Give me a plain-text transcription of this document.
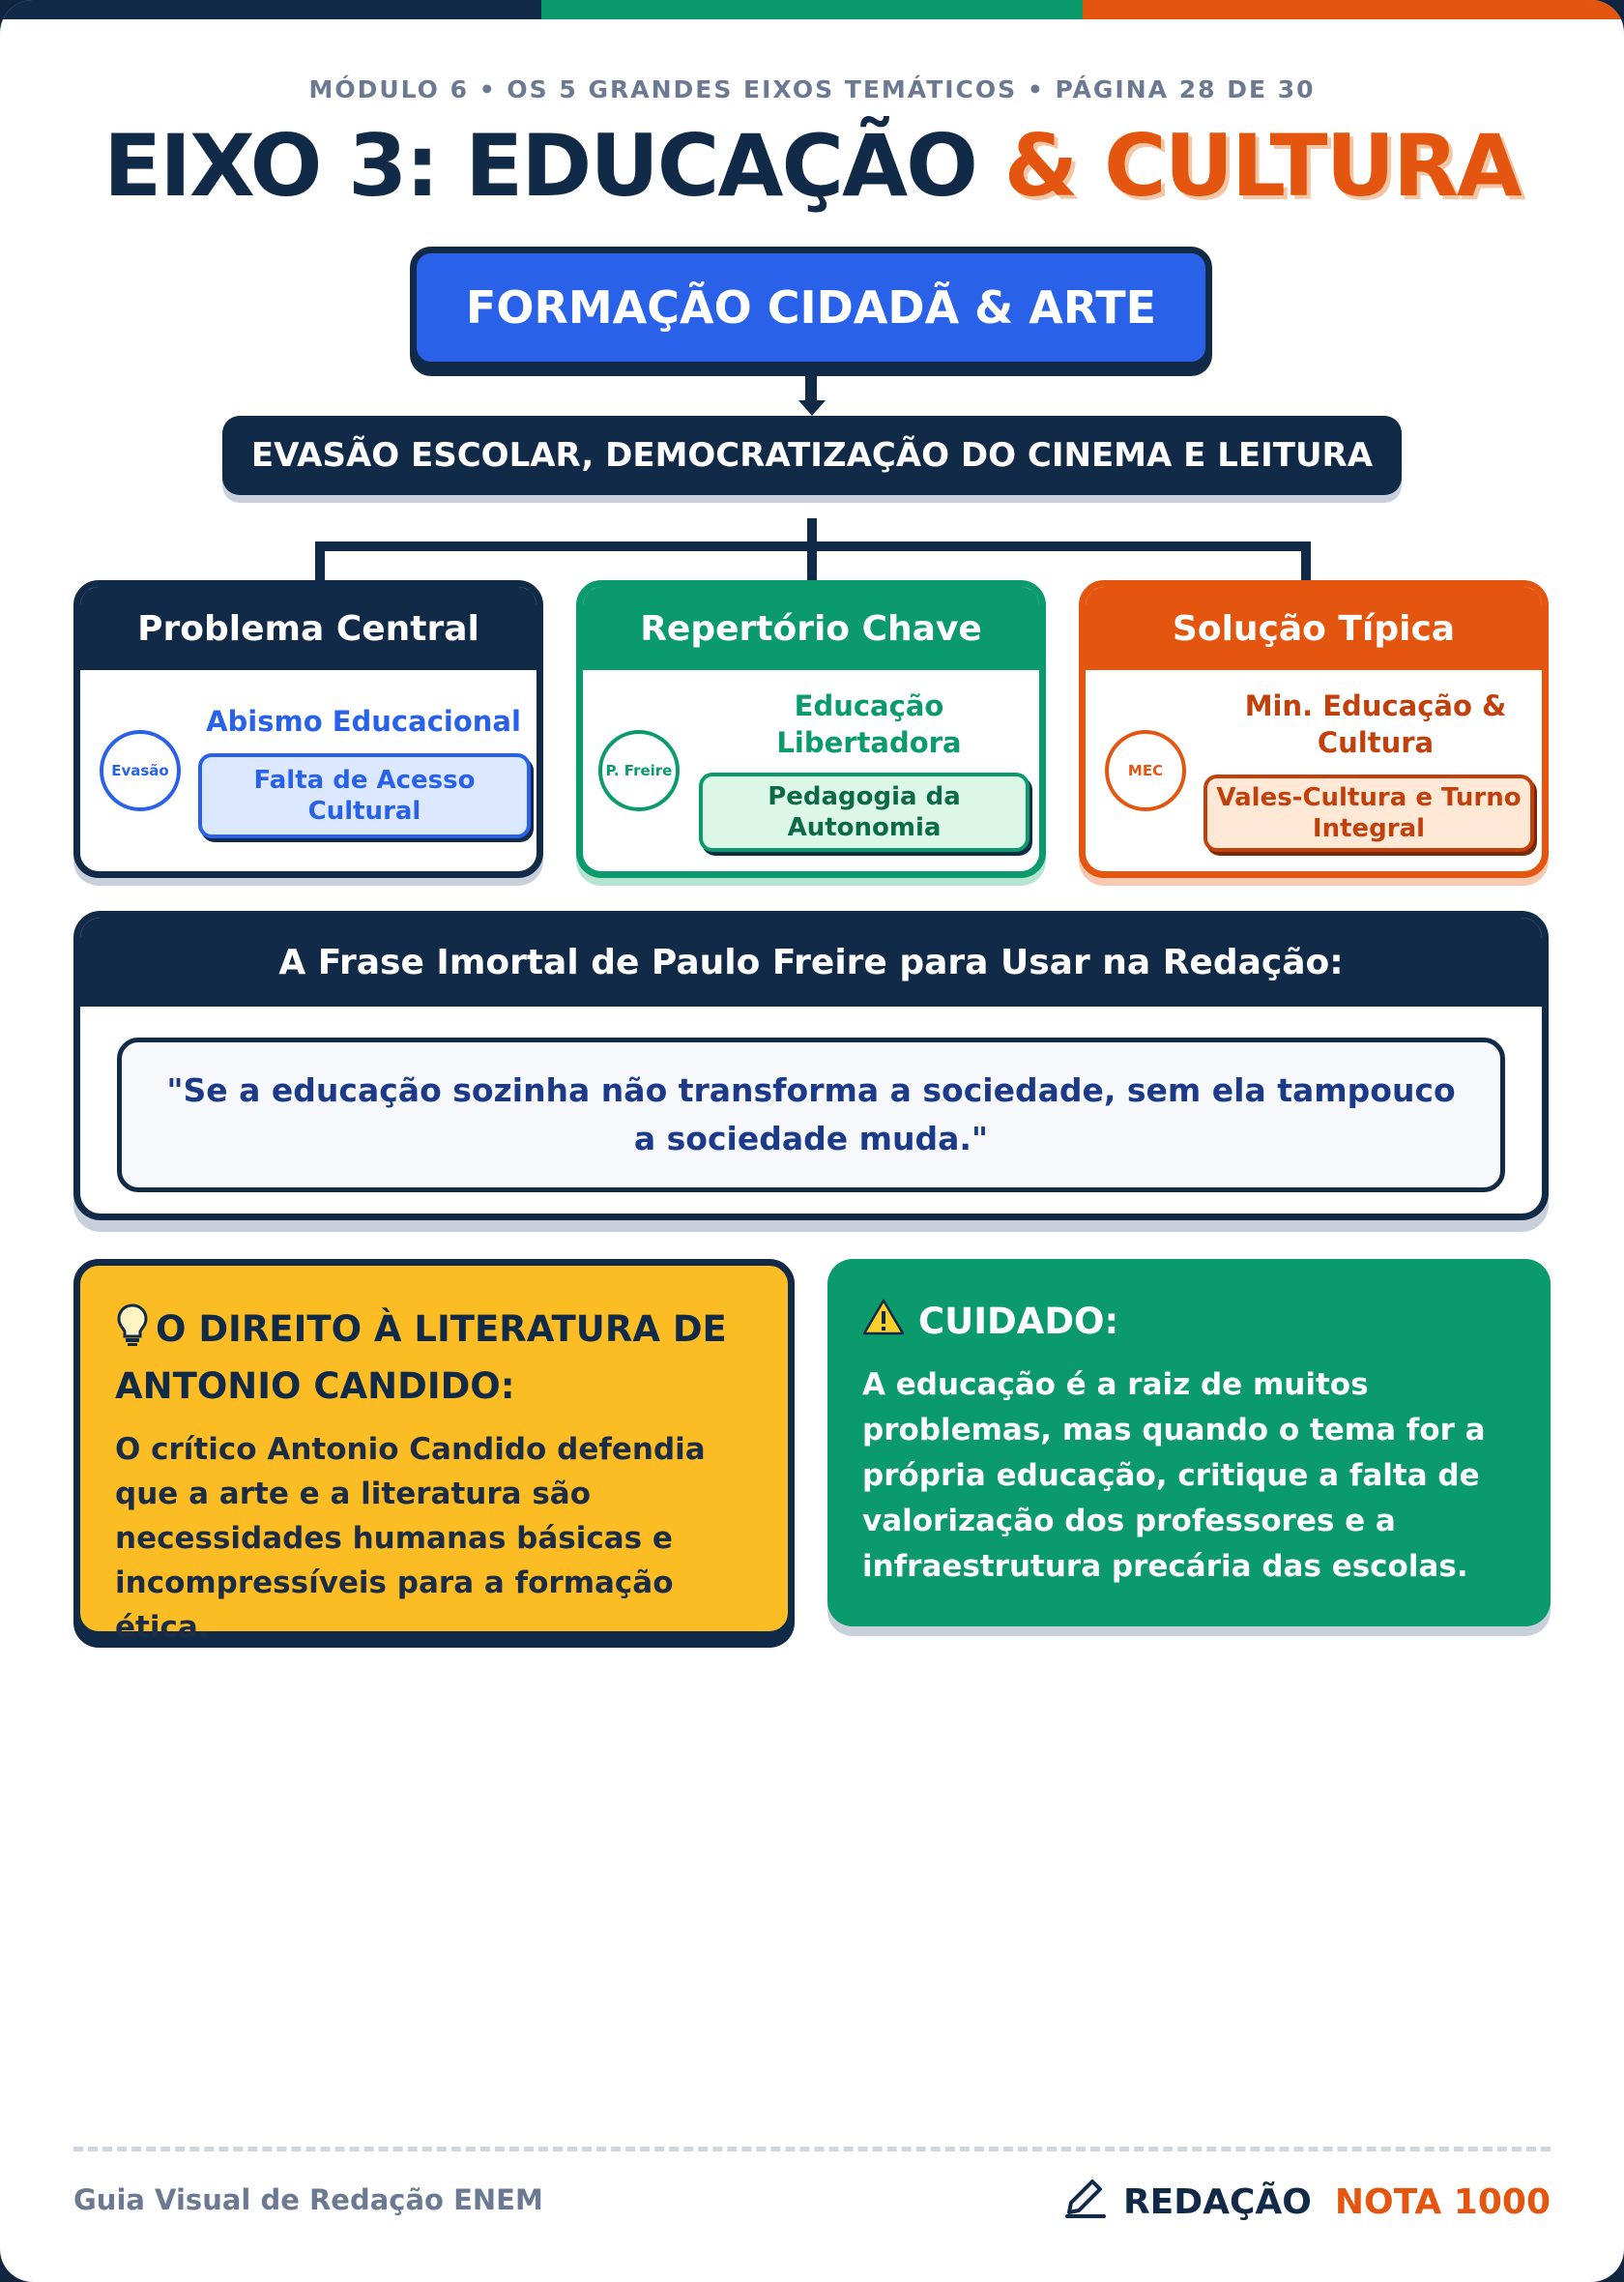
MÓDULO 6 • OS 5 GRANDES EIXOS TEMÁTICOS • PÁGINA 28 DE 30
EIXO 3: EDUCAÇÃO & CULTURA
FORMAÇÃO CIDADÃ & ARTE
EVASÃO ESCOLAR, DEMOCRATIZAÇÃO DO CINEMA E LEITURA
Problema Central
Evasão
Abismo Educacional
Falta de Acesso Cultural
Repertório Chave
P. Freire
Educação Libertadora
Pedagogia da Autonomia
Solução Típica
MEC
Min. Educação & Cultura
Vales-Cultura e Turno Integral
A Frase Imortal de Paulo Freire para Usar na Redação:
"Se a educação sozinha não transforma a sociedade, sem ela tampouco a sociedade muda."
O DIREITO À LITERATURA DE ANTONIO CANDIDO:
O crítico Antonio Candido defendia que a arte e a literatura são necessidades humanas básicas e incompressíveis para a formação ética.
CUIDADO:
A educação é a raiz de muitos problemas, mas quando o tema for a própria educação, critique a falta de valorização dos professores e a infraestrutura precária das escolas.
Guia Visual de Redação ENEM	REDAÇÃO NOTA 1000
